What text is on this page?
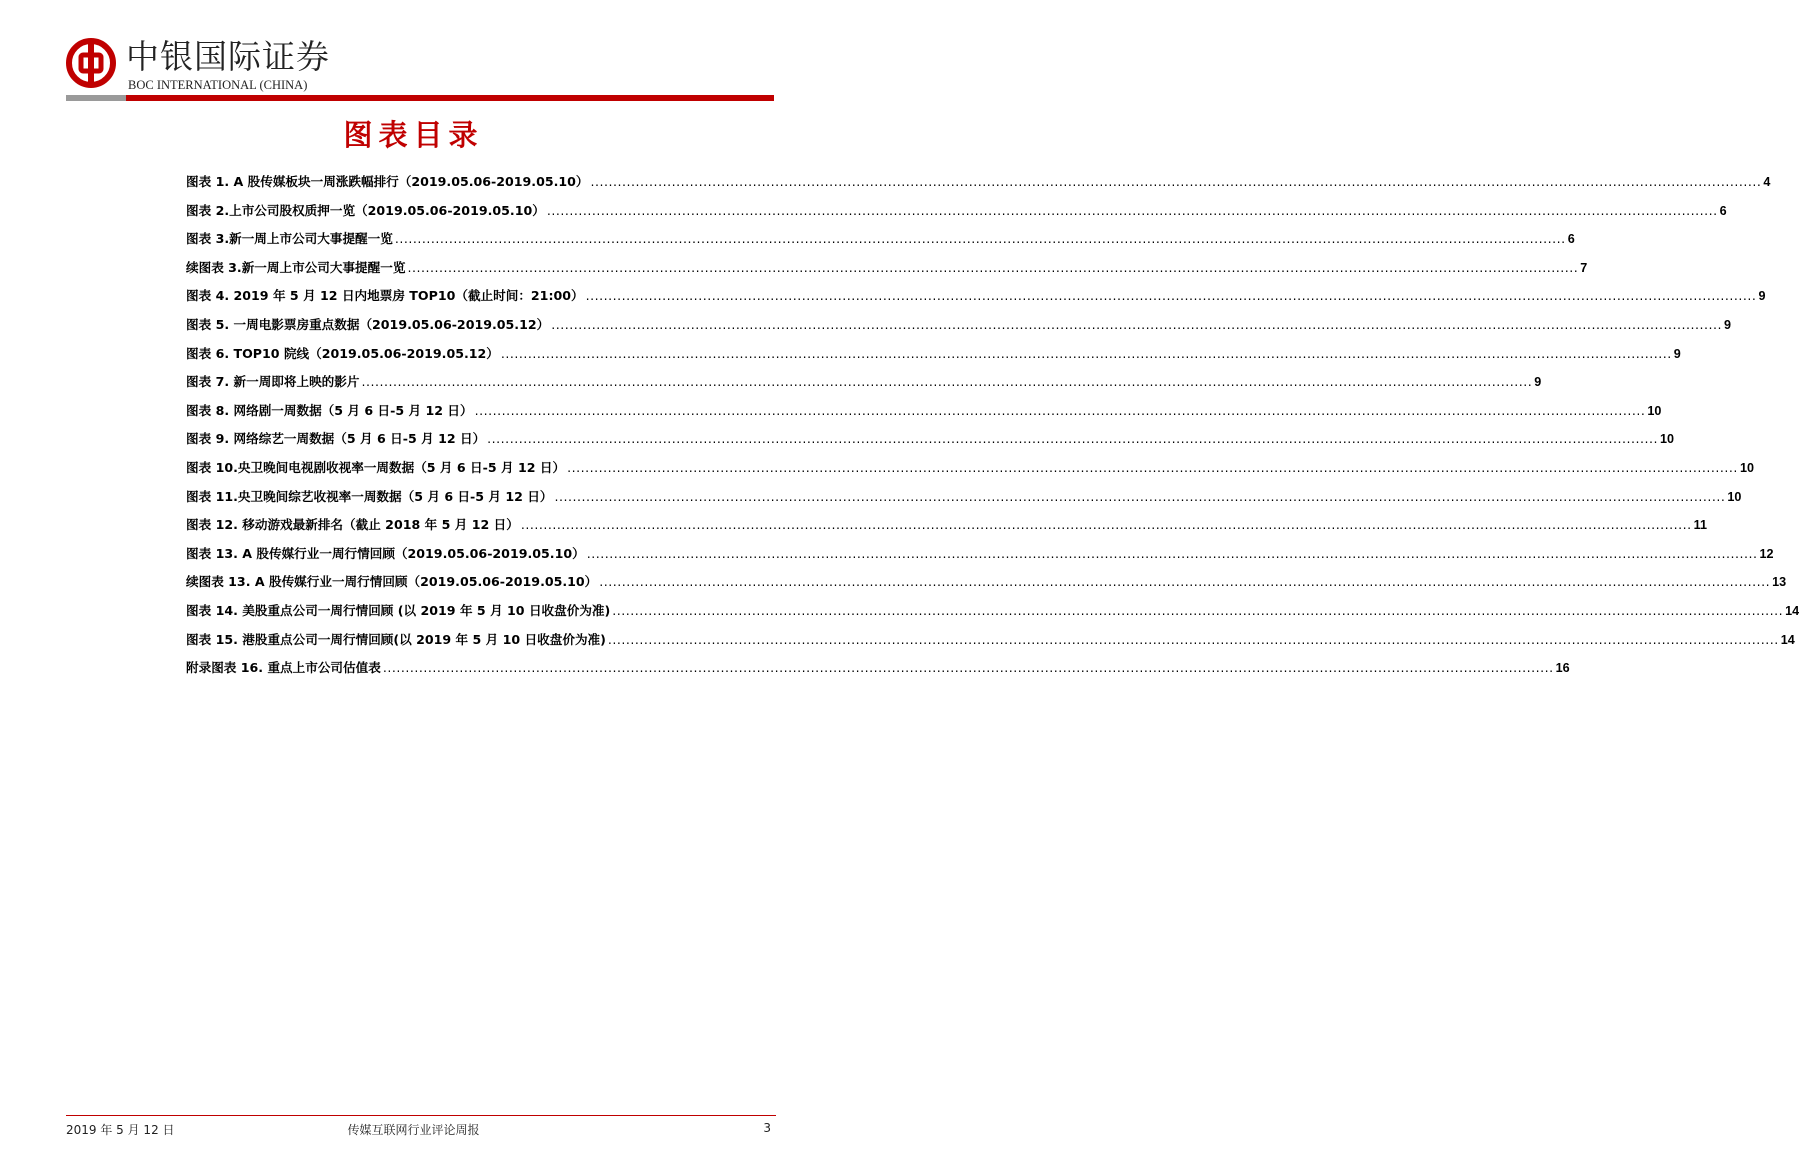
中银国际证券
BOC INTERNATIONAL (CHINA)
图表目录
图表 1. A 股传媒板块一周涨跌幅排行（2019.05.06-2019.05.10） .....	4
图表 2.上市公司股权质押一览（2019.05.06-2019.05.10） .....	6
图表 3.新一周上市公司大事提醒一览 .....	6
续图表 3.新一周上市公司大事提醒一览 .....	7
图表 4. 2019 年 5 月 12 日内地票房 TOP10（截止时间：21:00） .....	9
图表 5. 一周电影票房重点数据（2019.05.06-2019.05.12） .....	9
图表 6. TOP10 院线（2019.05.06-2019.05.12） .....	9
图表 7. 新一周即将上映的影片 .....	9
图表 8. 网络剧一周数据（5 月 6 日-5 月 12 日） .....	10
图表 9. 网络综艺一周数据（5 月 6 日-5 月 12 日） .....	10
图表 10.央卫晚间电视剧收视率一周数据（5 月 6 日-5 月 12 日） .....	10
图表 11.央卫晚间综艺收视率一周数据（5 月 6 日-5 月 12 日） .....	10
图表 12. 移动游戏最新排名（截止 2018 年 5 月 12 日） .....	11
图表 13. A 股传媒行业一周行情回顾（2019.05.06-2019.05.10） .....	12
续图表 13. A 股传媒行业一周行情回顾（2019.05.06-2019.05.10） .....	13
图表 14. 美股重点公司一周行情回顾 (以 2019 年 5 月 10 日收盘价为准) .....	14
图表 15. 港股重点公司一周行情回顾(以 2019 年 5 月 10 日收盘价为准) .....	14
附录图表 16. 重点上市公司估值表 .....	16
2019 年 5 月 12 日	传媒互联网行业评论周报	3
